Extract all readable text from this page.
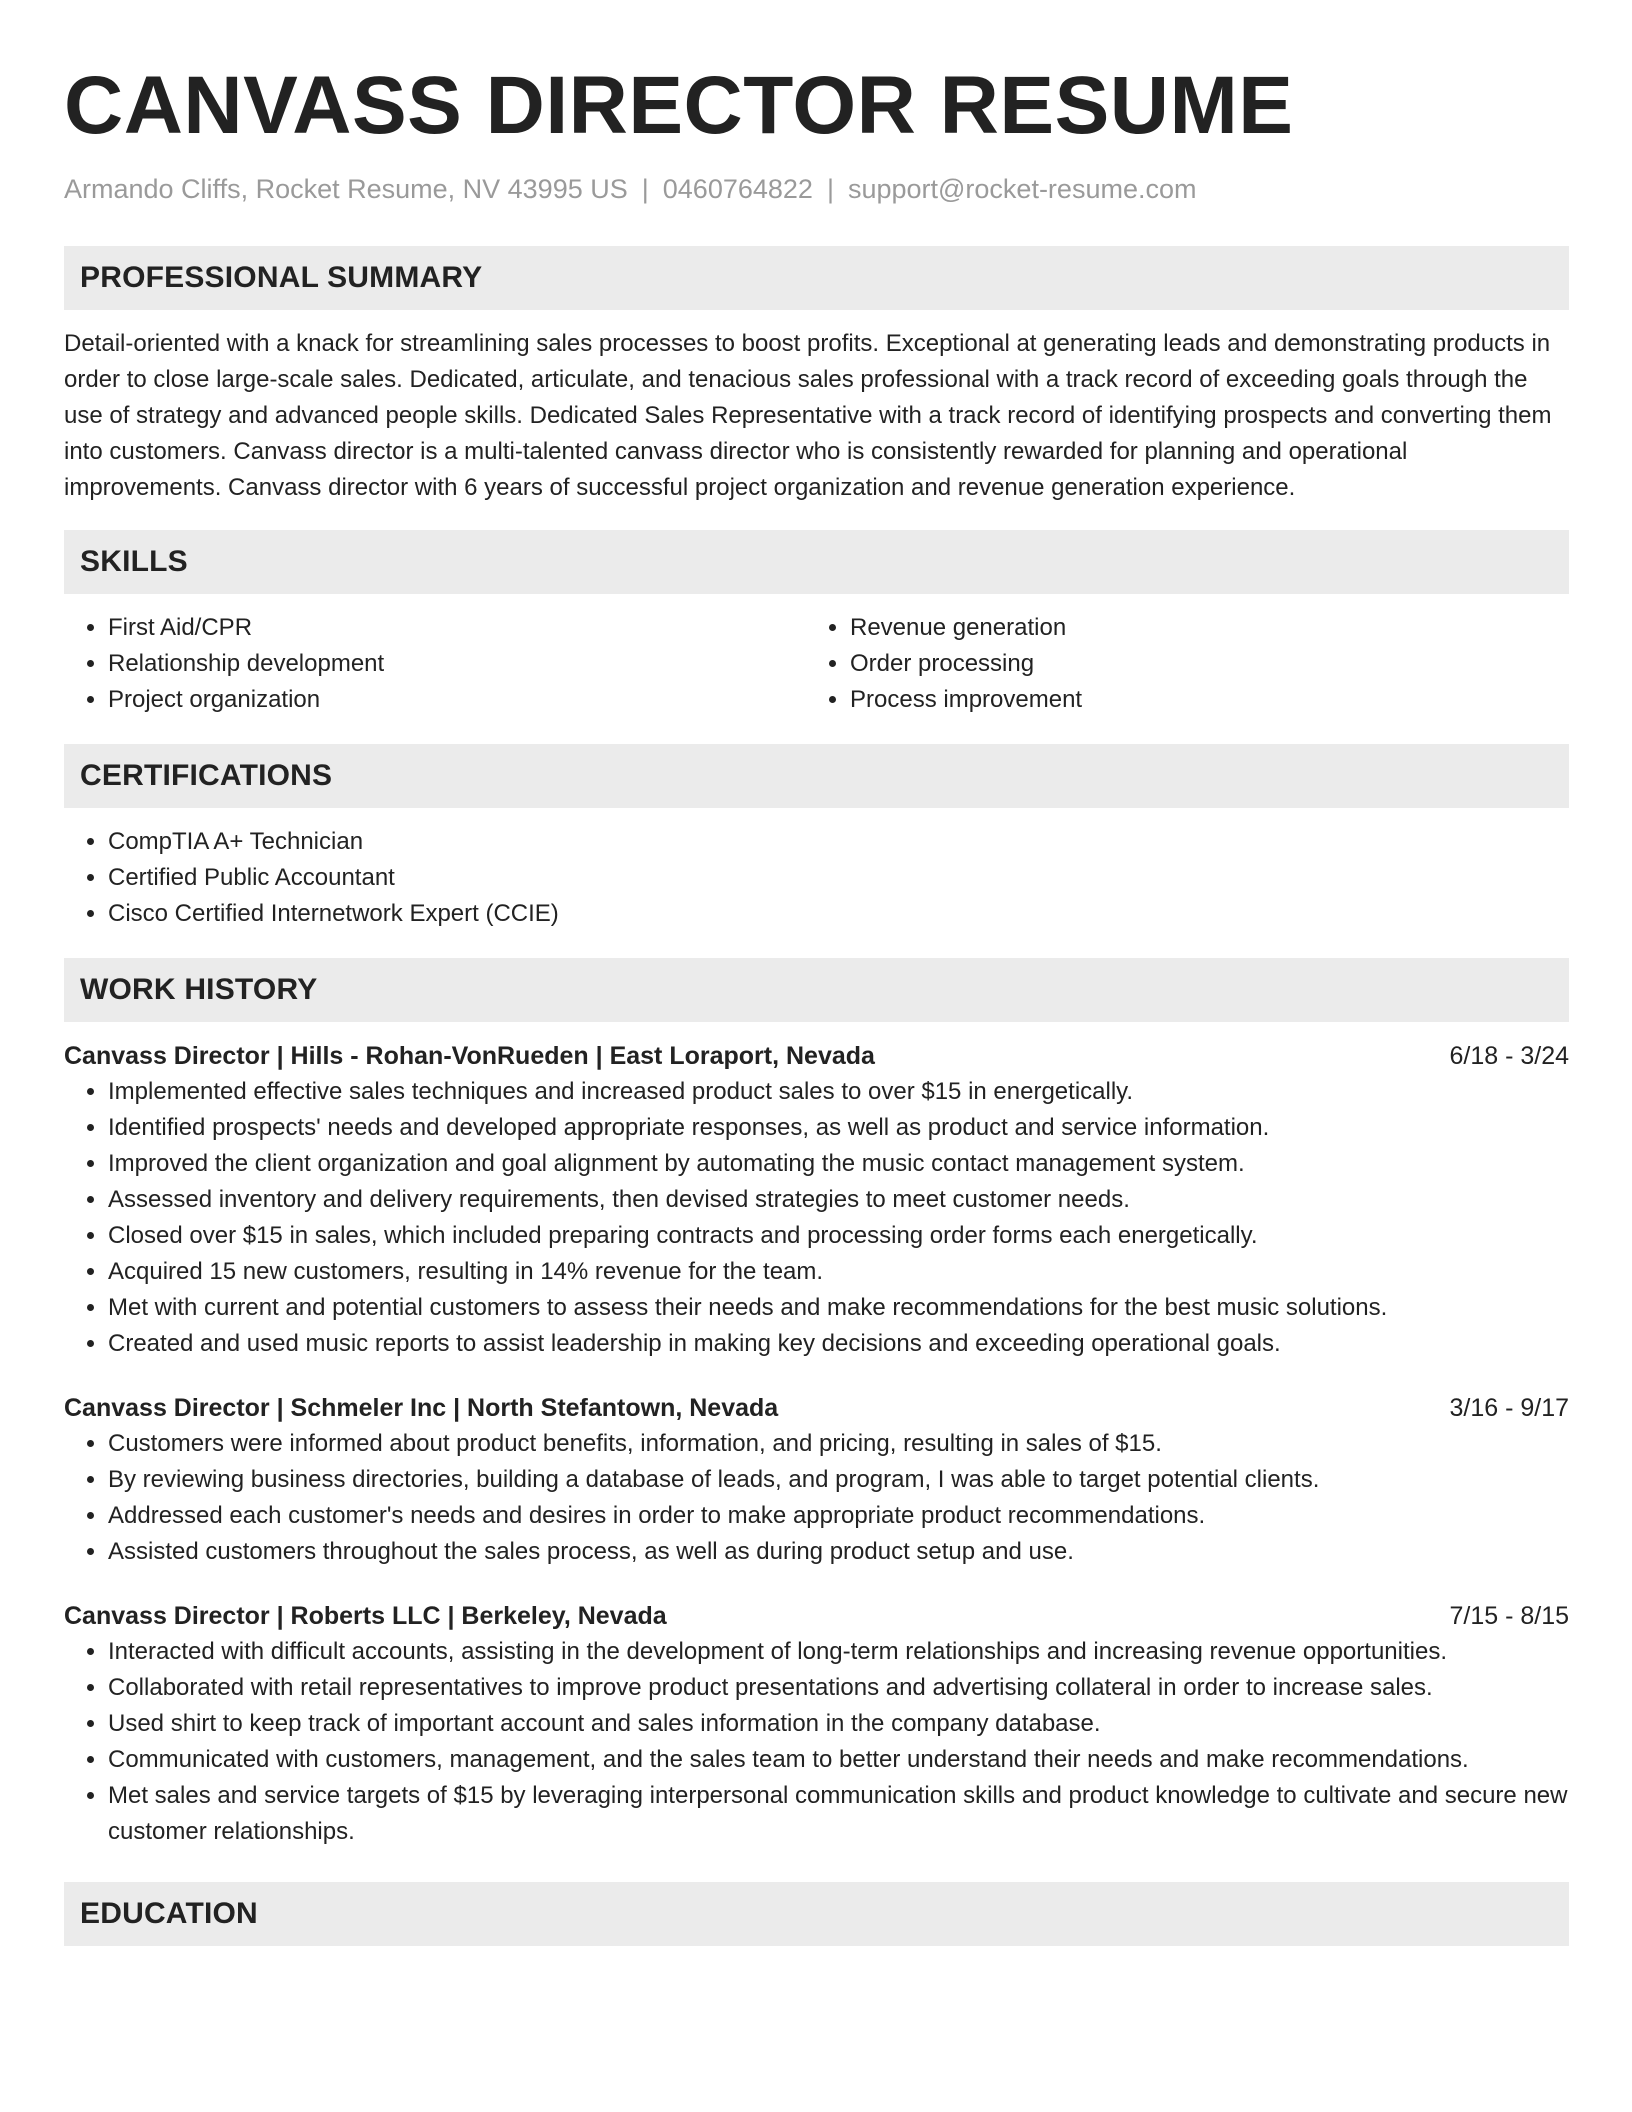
CANVASS DIRECTOR RESUME
Armando Cliffs, Rocket Resume, NV 43995 US | 0460764822 | support@rocket-resume.com
PROFESSIONAL SUMMARY

Detail-oriented with a knack for streamlining sales processes to boost profits. Exceptional at generating leads and demonstrating products in order to close large-scale sales. Dedicated, articulate, and tenacious sales professional with a track record of exceeding goals through the use of strategy and advanced people skills. Dedicated Sales Representative with a track record of identifying prospects and converting them into customers. Canvass director is a multi-talented canvass director who is consistently rewarded for planning and operational improvements. Canvass director with 6 years of successful project organization and revenue generation experience.

SKILLS
• First Aid/CPR
• Relationship development
• Project organization
• Revenue generation
• Order processing
• Process improvement
CERTIFICATIONS
• CompTIA A+ Technician
• Certified Public Accountant
• Cisco Certified Internetwork Expert (CCIE)
WORK HISTORY
Canvass Director | Hills - Rohan-VonRueden | East Loraport, Nevada	6/18 - 3/24
• Implemented effective sales techniques and increased product sales to over $15 in energetically.
• Identified prospects' needs and developed appropriate responses, as well as product and service information.
• Improved the client organization and goal alignment by automating the music contact management system.
• Assessed inventory and delivery requirements, then devised strategies to meet customer needs.
• Closed over $15 in sales, which included preparing contracts and processing order forms each energetically.
• Acquired 15 new customers, resulting in 14% revenue for the team.
• Met with current and potential customers to assess their needs and make recommendations for the best music solutions.
• Created and used music reports to assist leadership in making key decisions and exceeding operational goals.
Canvass Director | Schmeler Inc | North Stefantown, Nevada	3/16 - 9/17
• Customers were informed about product benefits, information, and pricing, resulting in sales of $15.
• By reviewing business directories, building a database of leads, and program, I was able to target potential clients.
• Addressed each customer's needs and desires in order to make appropriate product recommendations.
• Assisted customers throughout the sales process, as well as during product setup and use.
Canvass Director | Roberts LLC | Berkeley, Nevada	7/15 - 8/15
• Interacted with difficult accounts, assisting in the development of long-term relationships and increasing revenue opportunities.
• Collaborated with retail representatives to improve product presentations and advertising collateral in order to increase sales.
• Used shirt to keep track of important account and sales information in the company database.
• Communicated with customers, management, and the sales team to better understand their needs and make recommendations.
• Met sales and service targets of $15 by leveraging interpersonal communication skills and product knowledge to cultivate and secure new customer relationships.
EDUCATION
